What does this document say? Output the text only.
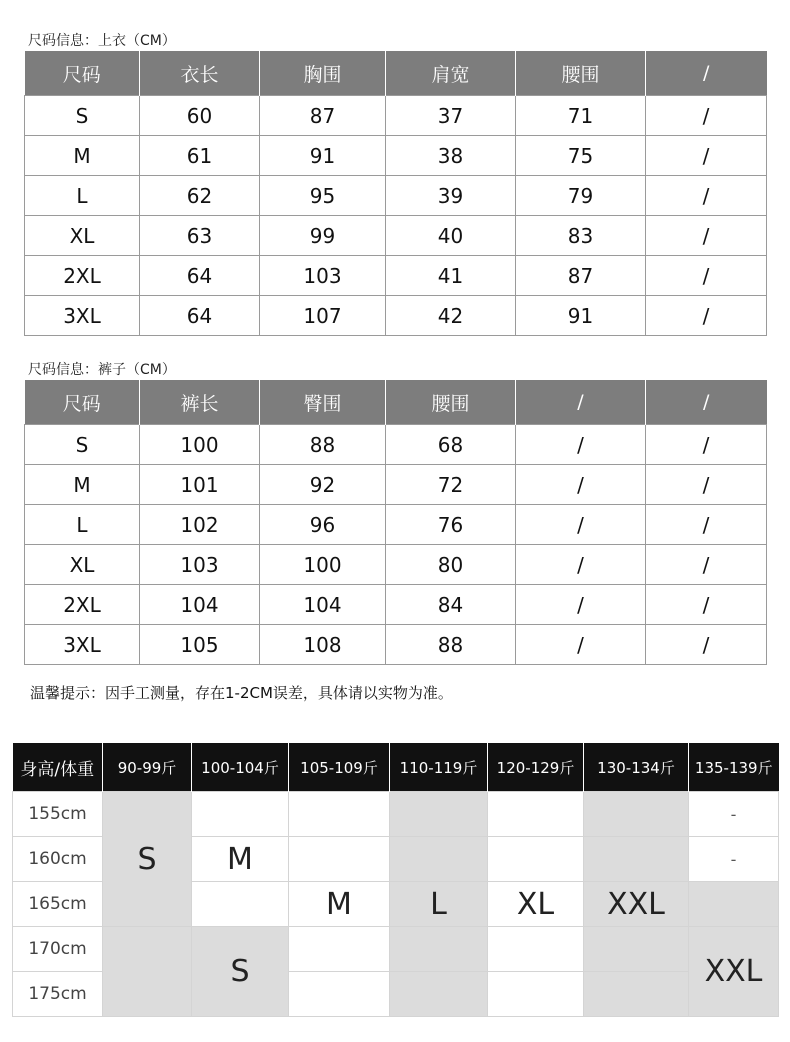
尺码信息：上衣（CM）
尺码	衣长	胸围	肩宽	腰围	/
S	60	87	37	71	/
M	61	91	38	75	/
L	62	95	39	79	/
XL	63	99	40	83	/
2XL	64	103	41	87	/
3XL	64	107	42	91	/
尺码信息：裤子（CM）
尺码	裤长	臀围	腰围	/	/
S	100	88	68	/	/
M	101	92	72	/	/
L	102	96	76	/	/
XL	103	100	80	/	/
2XL	104	104	84	/	/
3XL	105	108	88	/	/
温馨提示：因手工测量，存在1-2CM误差，具体请以实物为准。
身高/体重	90-99斤	100-104斤	105-109斤	110-119斤	120-129斤	130-134斤	135-139斤
155cm	S						-
160cm		M					-
165cm			M	L	XL	XXL	
170cm		S					XXL
175cm							
